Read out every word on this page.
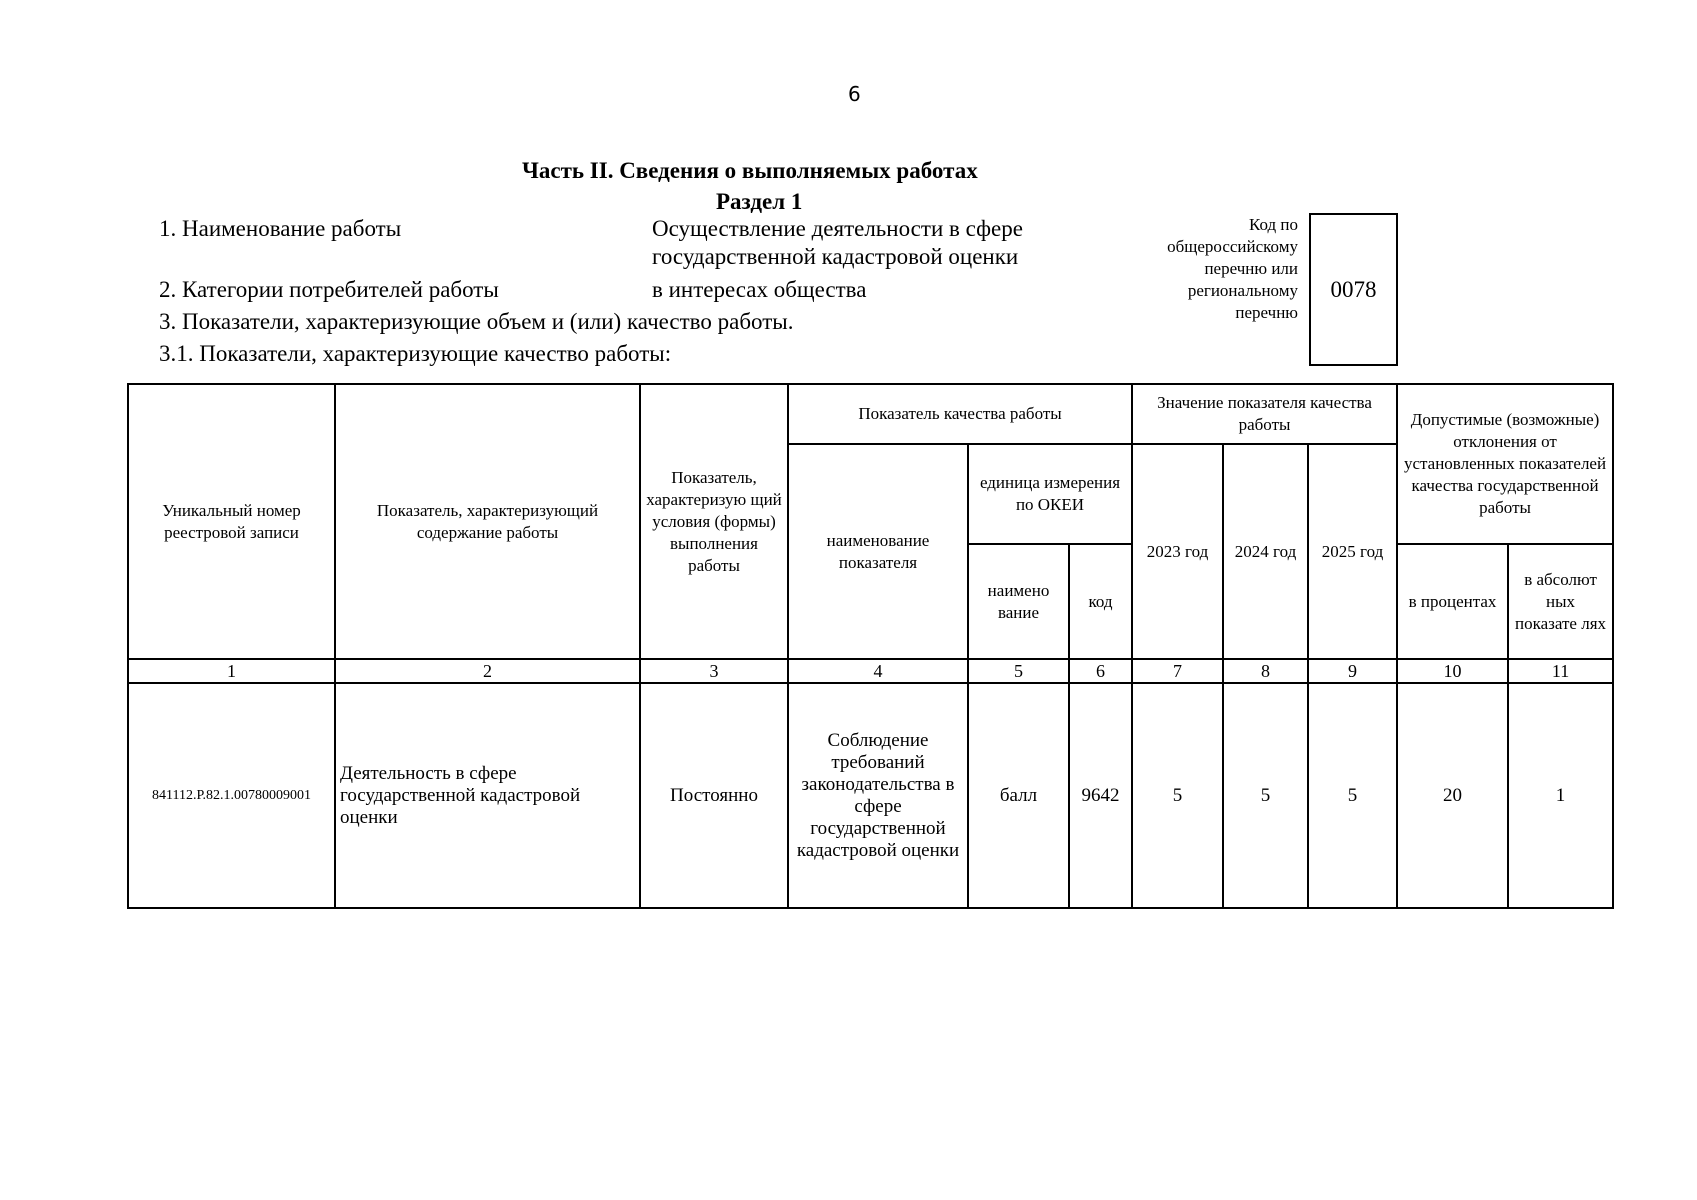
6
Часть II. Сведения о выполняемых работах
Раздел 1
1. Наименование работы	Осуществление деятельности в сфере
государственной кадастровой оценки
2. Категории потребителей работы	в интересах общества
3. Показатели, характеризующие объем и (или) качество работы.
3.1. Показатели, характеризующие качество работы:
Код по
общероссийскому
перечню или
региональному
перечню
0078
Уникальный номер реестровой записи	Показатель, характеризующий содержание работы	Показатель, характеризую щий условия (формы) выполнения работы	Показатель качества работы			Значение показателя качества работы			Допустимые (возможные) отклонения от установленных показателей качества государственной работы	
			наименование показателя	единица измерения по ОКЕИ		2023 год	2024 год	2025 год		
				наимено вание	код				в процентах	в абсолют ных показате лях
1	2	3	4	5	6	7	8	9	10	11
841112.Р.82.1.00780009001	Деятельность в сфере государственной кадастровой оценки	Постоянно	Соблюдение требований законодательства в сфере государственной кадастровой оценки	балл	9642	5	5	5	20	1
